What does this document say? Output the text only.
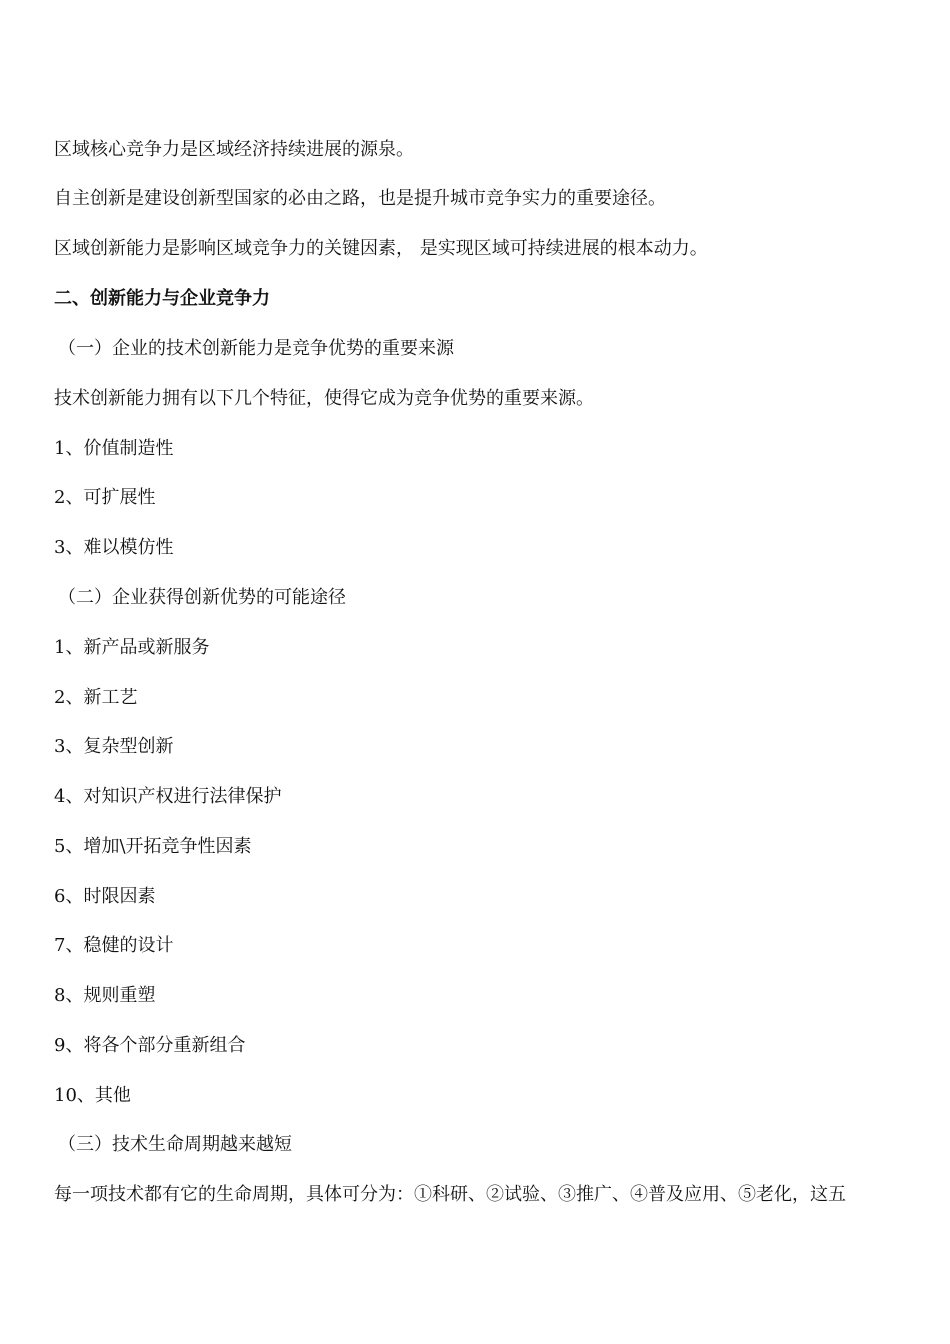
区域核心竞争力是区域经济持续进展的源泉。

自主创新是建设创新型国家的必由之路，也是提升城市竞争实力的重要途径。

区域创新能力是影响区域竞争力的关键因素， 是实现区域可持续进展的根本动力。

二、创新能力与企业竞争力

（一）企业的技术创新能力是竞争优势的重要来源

技术创新能力拥有以下几个特征，使得它成为竞争优势的重要来源。

1、价值制造性

2、可扩展性

3、难以模仿性

（二）企业获得创新优势的可能途径

1、新产品或新服务

2、新工艺

3、复杂型创新

4、对知识产权进行法律保护

5、增加\开拓竞争性因素

6、时限因素

7、稳健的设计

8、规则重塑

9、将各个部分重新组合

10、其他

（三）技术生命周期越来越短

每一项技术都有它的生命周期，具体可分为：①科研、②试验、③推广、④普及应用、⑤老化，这五
